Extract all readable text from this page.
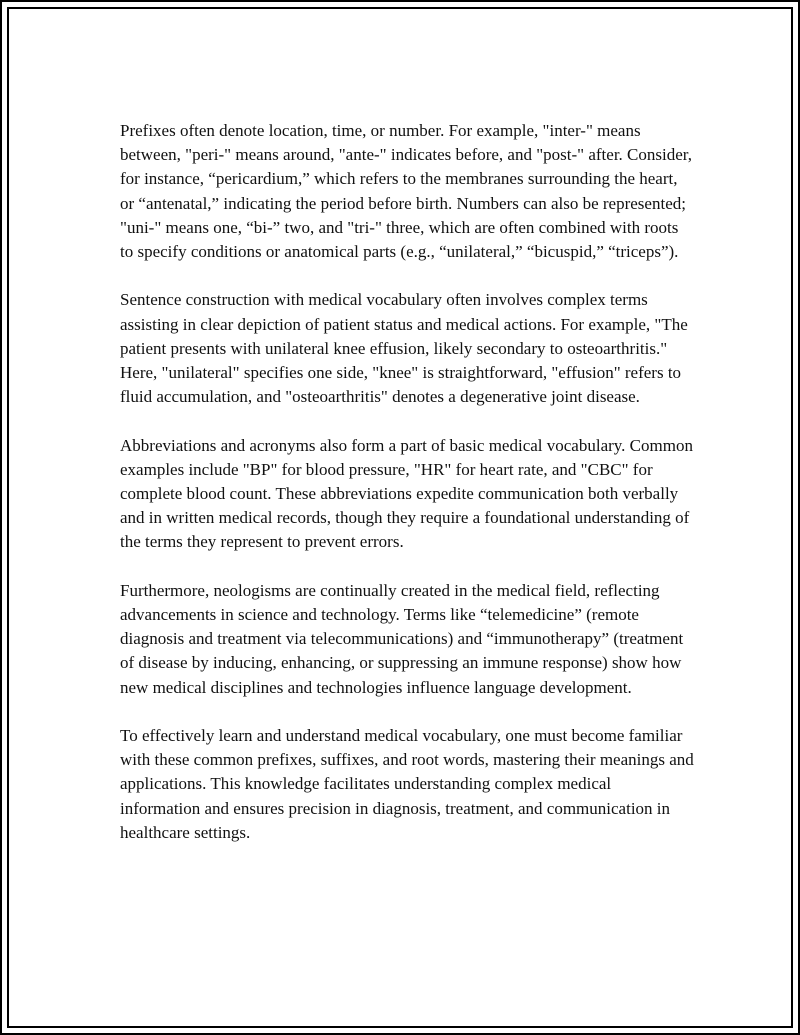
Prefixes often denote location, time, or number. For example, "inter-" means between, "peri-" means around, "ante-" indicates before, and "post-" after. Consider, for instance, “pericardium,” which refers to the membranes surrounding the heart, or “antenatal,” indicating the period before birth. Numbers can also be represented; "uni-" means one, “bi-” two, and "tri-" three, which are often combined with roots to specify conditions or anatomical parts (e.g., “unilateral,” “bicuspid,” “triceps”).

Sentence construction with medical vocabulary often involves complex terms assisting in clear depiction of patient status and medical actions. For example, "The patient presents with unilateral knee effusion, likely secondary to osteoarthritis." Here, "unilateral" specifies one side, "knee" is straightforward, "effusion" refers to fluid accumulation, and "osteoarthritis" denotes a degenerative joint disease.

Abbreviations and acronyms also form a part of basic medical vocabulary. Common examples include "BP" for blood pressure, "HR" for heart rate, and "CBC" for complete blood count. These abbreviations expedite communication both verbally and in written medical records, though they require a foundational understanding of the terms they represent to prevent errors.

Furthermore, neologisms are continually created in the medical field, reflecting advancements in science and technology. Terms like “telemedicine” (remote diagnosis and treatment via telecommunications) and “immunotherapy” (treatment of disease by inducing, enhancing, or suppressing an immune response) show how new medical disciplines and technologies influence language development.

To effectively learn and understand medical vocabulary, one must become familiar with these common prefixes, suffixes, and root words, mastering their meanings and applications. This knowledge facilitates understanding complex medical information and ensures precision in diagnosis, treatment, and communication in healthcare settings.
